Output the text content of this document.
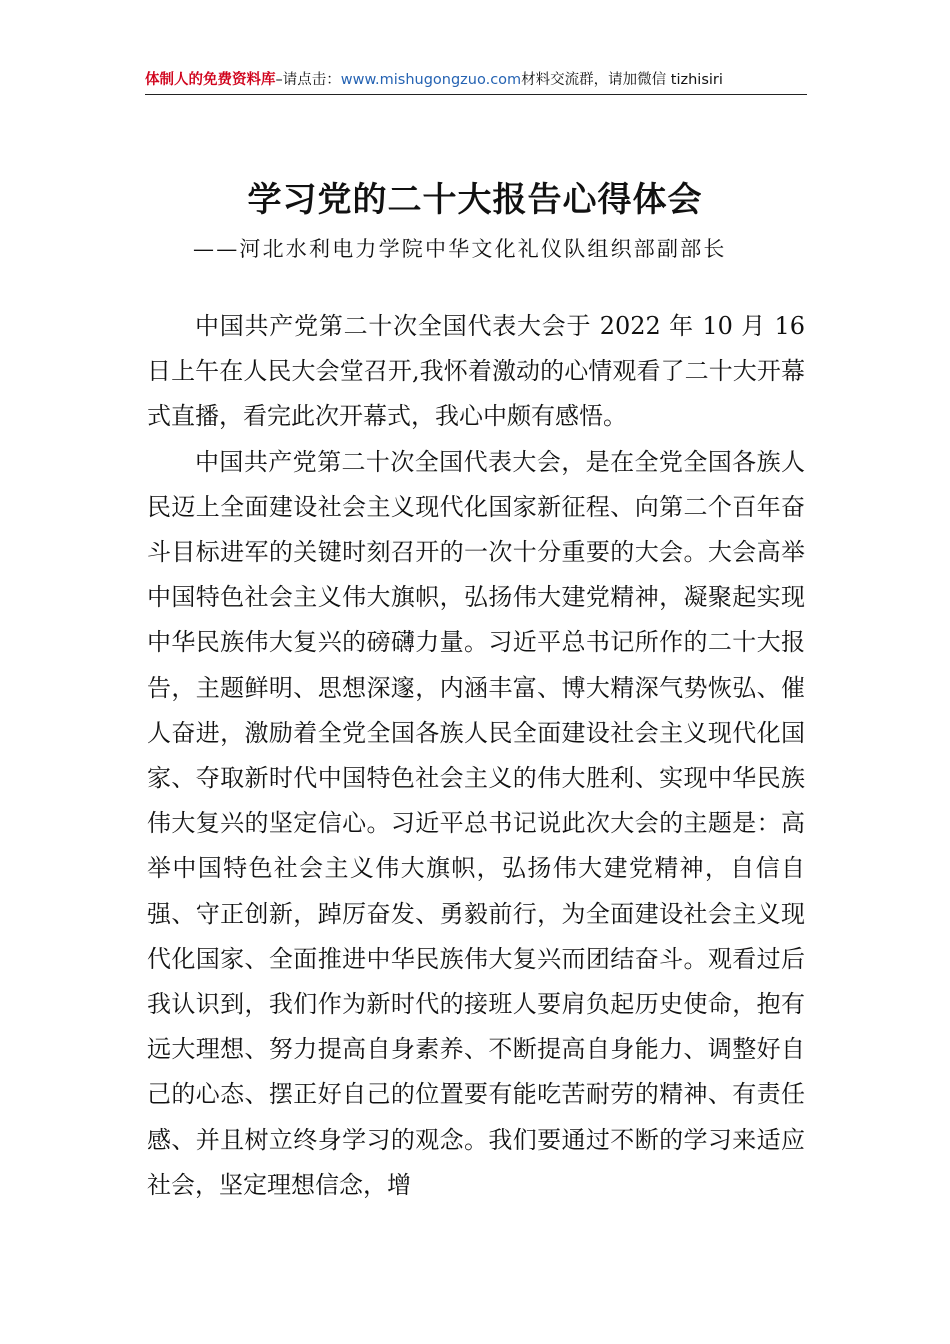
体制人的免费资料库–请点击：www.mishugongzuo.com材料交流群，请加微信 tizhisiri
学习党的二十大报告心得体会
——河北水利电力学院中华文化礼仪队组织部副部长

中国共产党第二十次全国代表大会于 2022 年 10 月 16 日上午在人民大会堂召开,我怀着激动的心情观看了二十大开幕式直播，看完此次开幕式，我心中颇有感悟。

中国共产党第二十次全国代表大会，是在全党全国各族人民迈上全面建设社会主义现代化国家新征程、向第二个百年奋斗目标进军的关键时刻召开的一次十分重要的大会。大会高举中国特色社会主义伟大旗帜，弘扬伟大建党精神，凝聚起实现中华民族伟大复兴的磅礴力量。习近平总书记所作的二十大报告，主题鲜明、思想深邃，内涵丰富、博大精深气势恢弘、催人奋进，激励着全党全国各族人民全面建设社会主义现代化国家、夺取新时代中国特色社会主义的伟大胜利、实现中华民族伟大复兴的坚定信心。习近平总书记说此次大会的主题是：高举中国特色社会主义伟大旗帜，弘扬伟大建党精神，自信自强、守正创新，踔厉奋发、勇毅前行，为全面建设社会主义现代化国家、全面推进中华民族伟大复兴而团结奋斗。观看过后我认识到，我们作为新时代的接班人要肩负起历史使命，抱有远大理想、努力提高自身素养、不断提高自身能力、调整好自己的心态、摆正好自己的位置要有能吃苦耐劳的精神、有责任感、并且树立终身学习的观念。我们要通过不断的学习来适应社会，坚定理想信念，增
